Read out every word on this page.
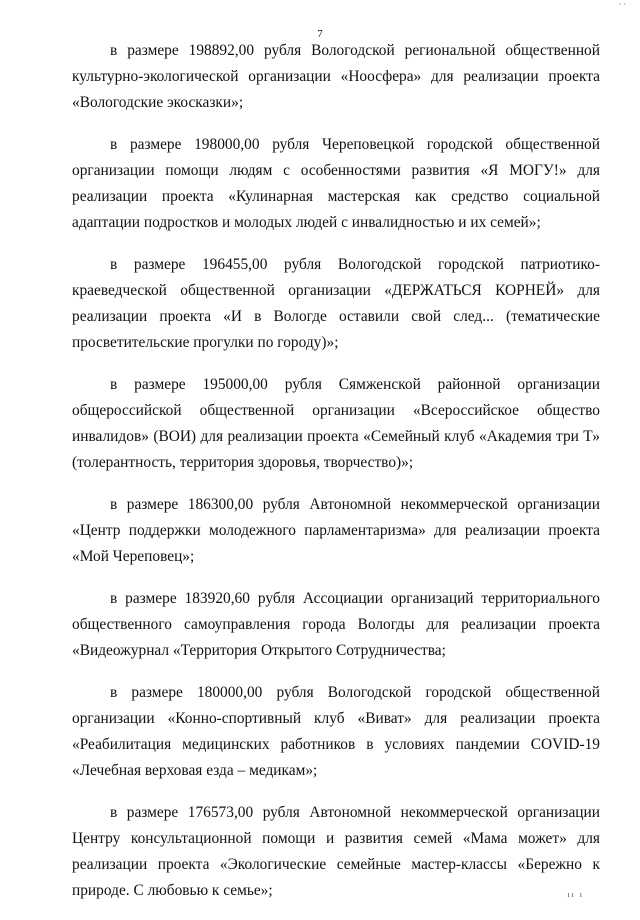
· ·
7

в размере 198892,00 рубля Вологодской региональной общественной культурно-экологической организации «Ноосфера» для реализации проекта «Вологодские экосказки»;

в размере 198000,00 рубля Череповецкой городской общественной организации помощи людям с особенностями развития «Я МОГУ!» для реализации проекта «Кулинарная мастерская как средство социальной адаптации подростков и молодых людей с инвалидностью и их семей»;

в размере 196455,00 рубля Вологодской городской патриотико-краеведческой общественной организации «ДЕРЖАТЬСЯ КОРНЕЙ» для реализации проекта «И в Вологде оставили свой след... (тематические просветительские прогулки по городу)»;

в размере 195000,00 рубля Сямженской районной организации общероссийской общественной организации «Всероссийское общество инвалидов» (ВОИ) для реализации проекта «Семейный клуб «Академия три Т» (толерантность, территория здоровья, творчество)»;

в размере 186300,00 рубля Автономной некоммерческой организации «Центр поддержки молодежного парламентаризма» для реализации проекта «Мой Череповец»;

в размере 183920,60 рубля Ассоциации организаций территориального общественного самоуправления города Вологды для реализации проекта «Видеожурнал «Территория Открытого Сотрудничества;

в размере 180000,00 рубля Вологодской городской общественной организации «Конно-спортивный клуб «Виват» для реализации проекта «Реабилитация медицинских работников в условиях пандемии COVID-19 «Лечебная верховая езда – медикам»;

в размере 176573,00 рубля Автономной некоммерческой организации Центру консультационной помощи и развития семей «Мама может» для реализации проекта «Экологические семейные мастер-классы «Бережно к природе. С любовью к семье»;	ıı ı
